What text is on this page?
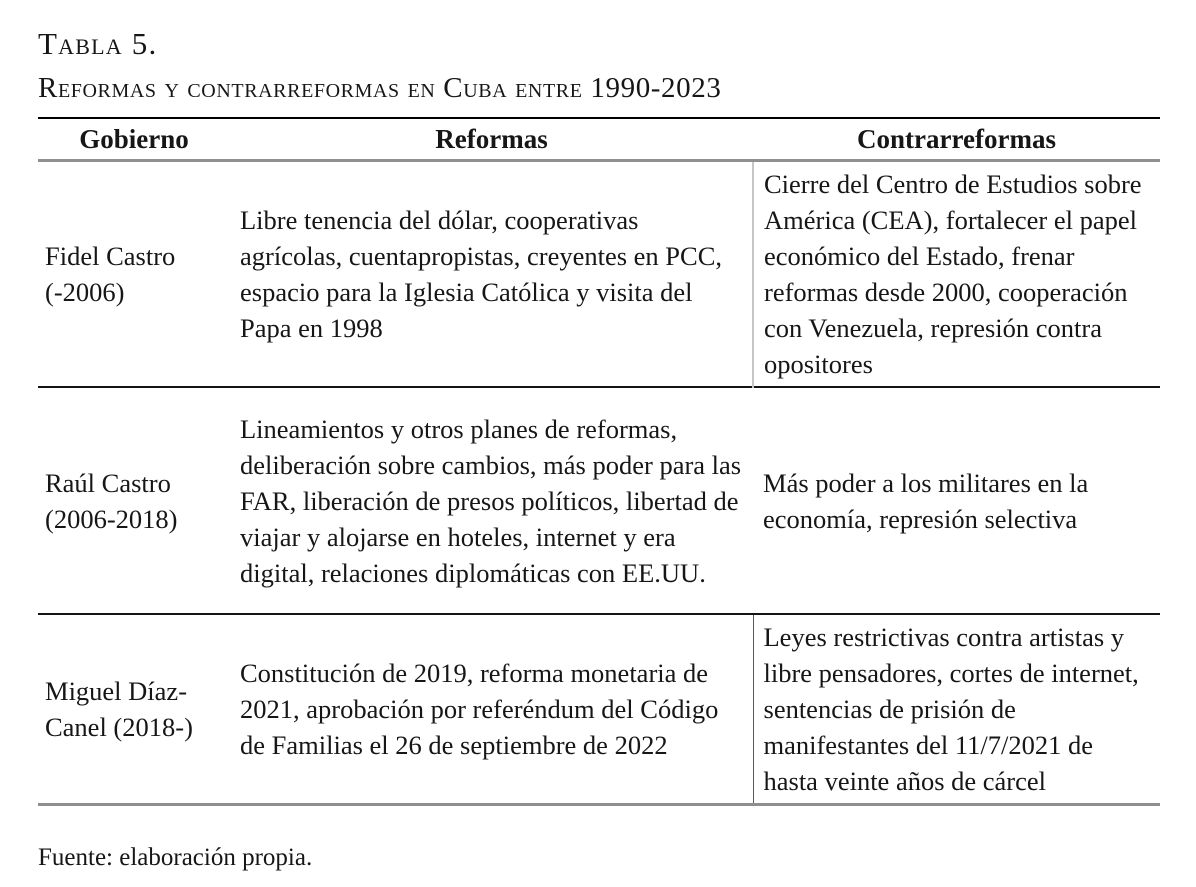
Tabla 5.
Reformas y contrarreformas en Cuba entre 1990-2023
Gobierno	Reformas	Contrarreformas
Fidel Castro (-2006)	Libre tenencia del dólar, cooperativas agrícolas, cuentapropistas, creyentes en PCC, espacio para la Iglesia Católica y visita del Papa en 1998	Cierre del Centro de Estudios sobre América (CEA), fortalecer el papel económico del Estado, frenar reformas desde 2000, cooperación con Venezuela, represión contra opositores
Raúl Castro (2006-2018)	Lineamientos y otros planes de reformas, deliberación sobre cambios, más poder para las FAR, liberación de presos políticos, libertad de viajar y alojarse en hoteles, internet y era digital, relaciones diplomáticas con EE.UU.	Más poder a los militares en la economía, represión selectiva
Miguel Díaz-Canel (2018-)	Constitución de 2019, reforma monetaria de 2021, aprobación por referéndum del Código de Familias el 26 de septiembre de 2022	Leyes restrictivas contra artistas y libre pensadores, cortes de internet, sentencias de prisión de manifestantes del 11/7/2021 de hasta veinte años de cárcel
Fuente: elaboración propia.
